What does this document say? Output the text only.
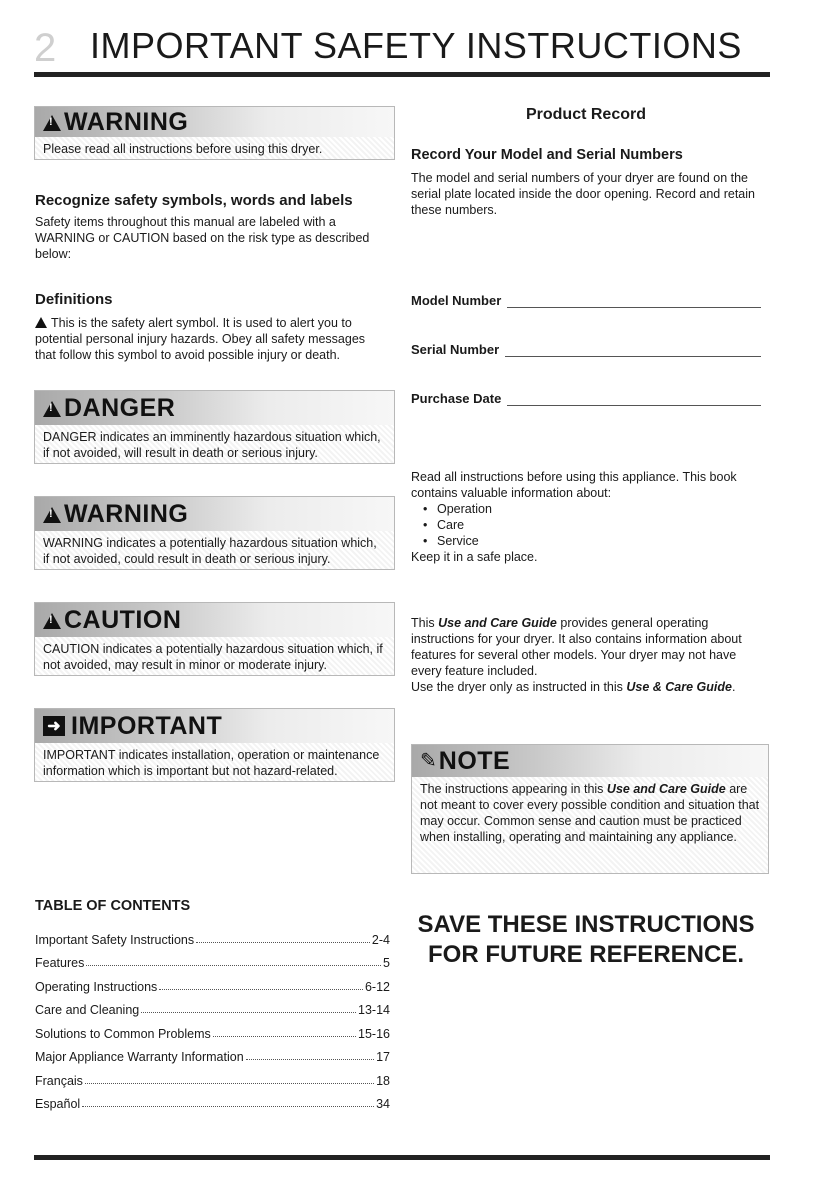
2 IMPORTANT SAFETY INSTRUCTIONS
!
WARNING
Please read all instructions before using this dryer.
Recognize safety symbols, words and labels
Safety items throughout this manual are labeled with a WARNING or CAUTION based on the risk type as described below:
Definitions
This is the safety alert symbol. It is used to alert you to potential personal injury hazards. Obey all safety messages that follow this symbol to avoid possible injury or death.
!
DANGER
DANGER indicates an imminently hazardous situation which, if not avoided, will result in death or serious injury.
!
WARNING
WARNING indicates a potentially hazardous situation which, if not avoided, could result in death or serious injury.
!
CAUTION
CAUTION indicates a potentially hazardous situation which, if not avoided, may result in minor or moderate injury.
➜ IMPORTANT
IMPORTANT indicates installation, operation or maintenance information which is important but not hazard-related.
TABLE OF CONTENTS
Important Safety Instructions	2-4
Features	5
Operating Instructions	6-12
Care and Cleaning	13-14
Solutions to Common Problems	15-16
Major Appliance Warranty Information	17
Français	18
Español	34
Product Record
Record Your Model and Serial Numbers
The model and serial numbers of your dryer are found on the serial plate located inside the door opening. Record and retain these numbers.
Model Number
Serial Number
Purchase Date
Read all instructions before using this appliance. This book contains valuable information about:
• Operation
• Care
• Service
Keep it in a safe place.
This Use and Care Guide provides general operating instructions for your dryer. It also contains information about features for several other models. Your dryer may not have every feature included.
Use the dryer only as instructed in this Use & Care Guide.
✎ NOTE
The instructions appearing in this Use and Care Guide are not meant to cover every possible condition and situation that may occur. Common sense and caution must be practiced when installing, operating and maintaining any appliance.
SAVE THESE INSTRUCTIONS
FOR FUTURE REFERENCE.
